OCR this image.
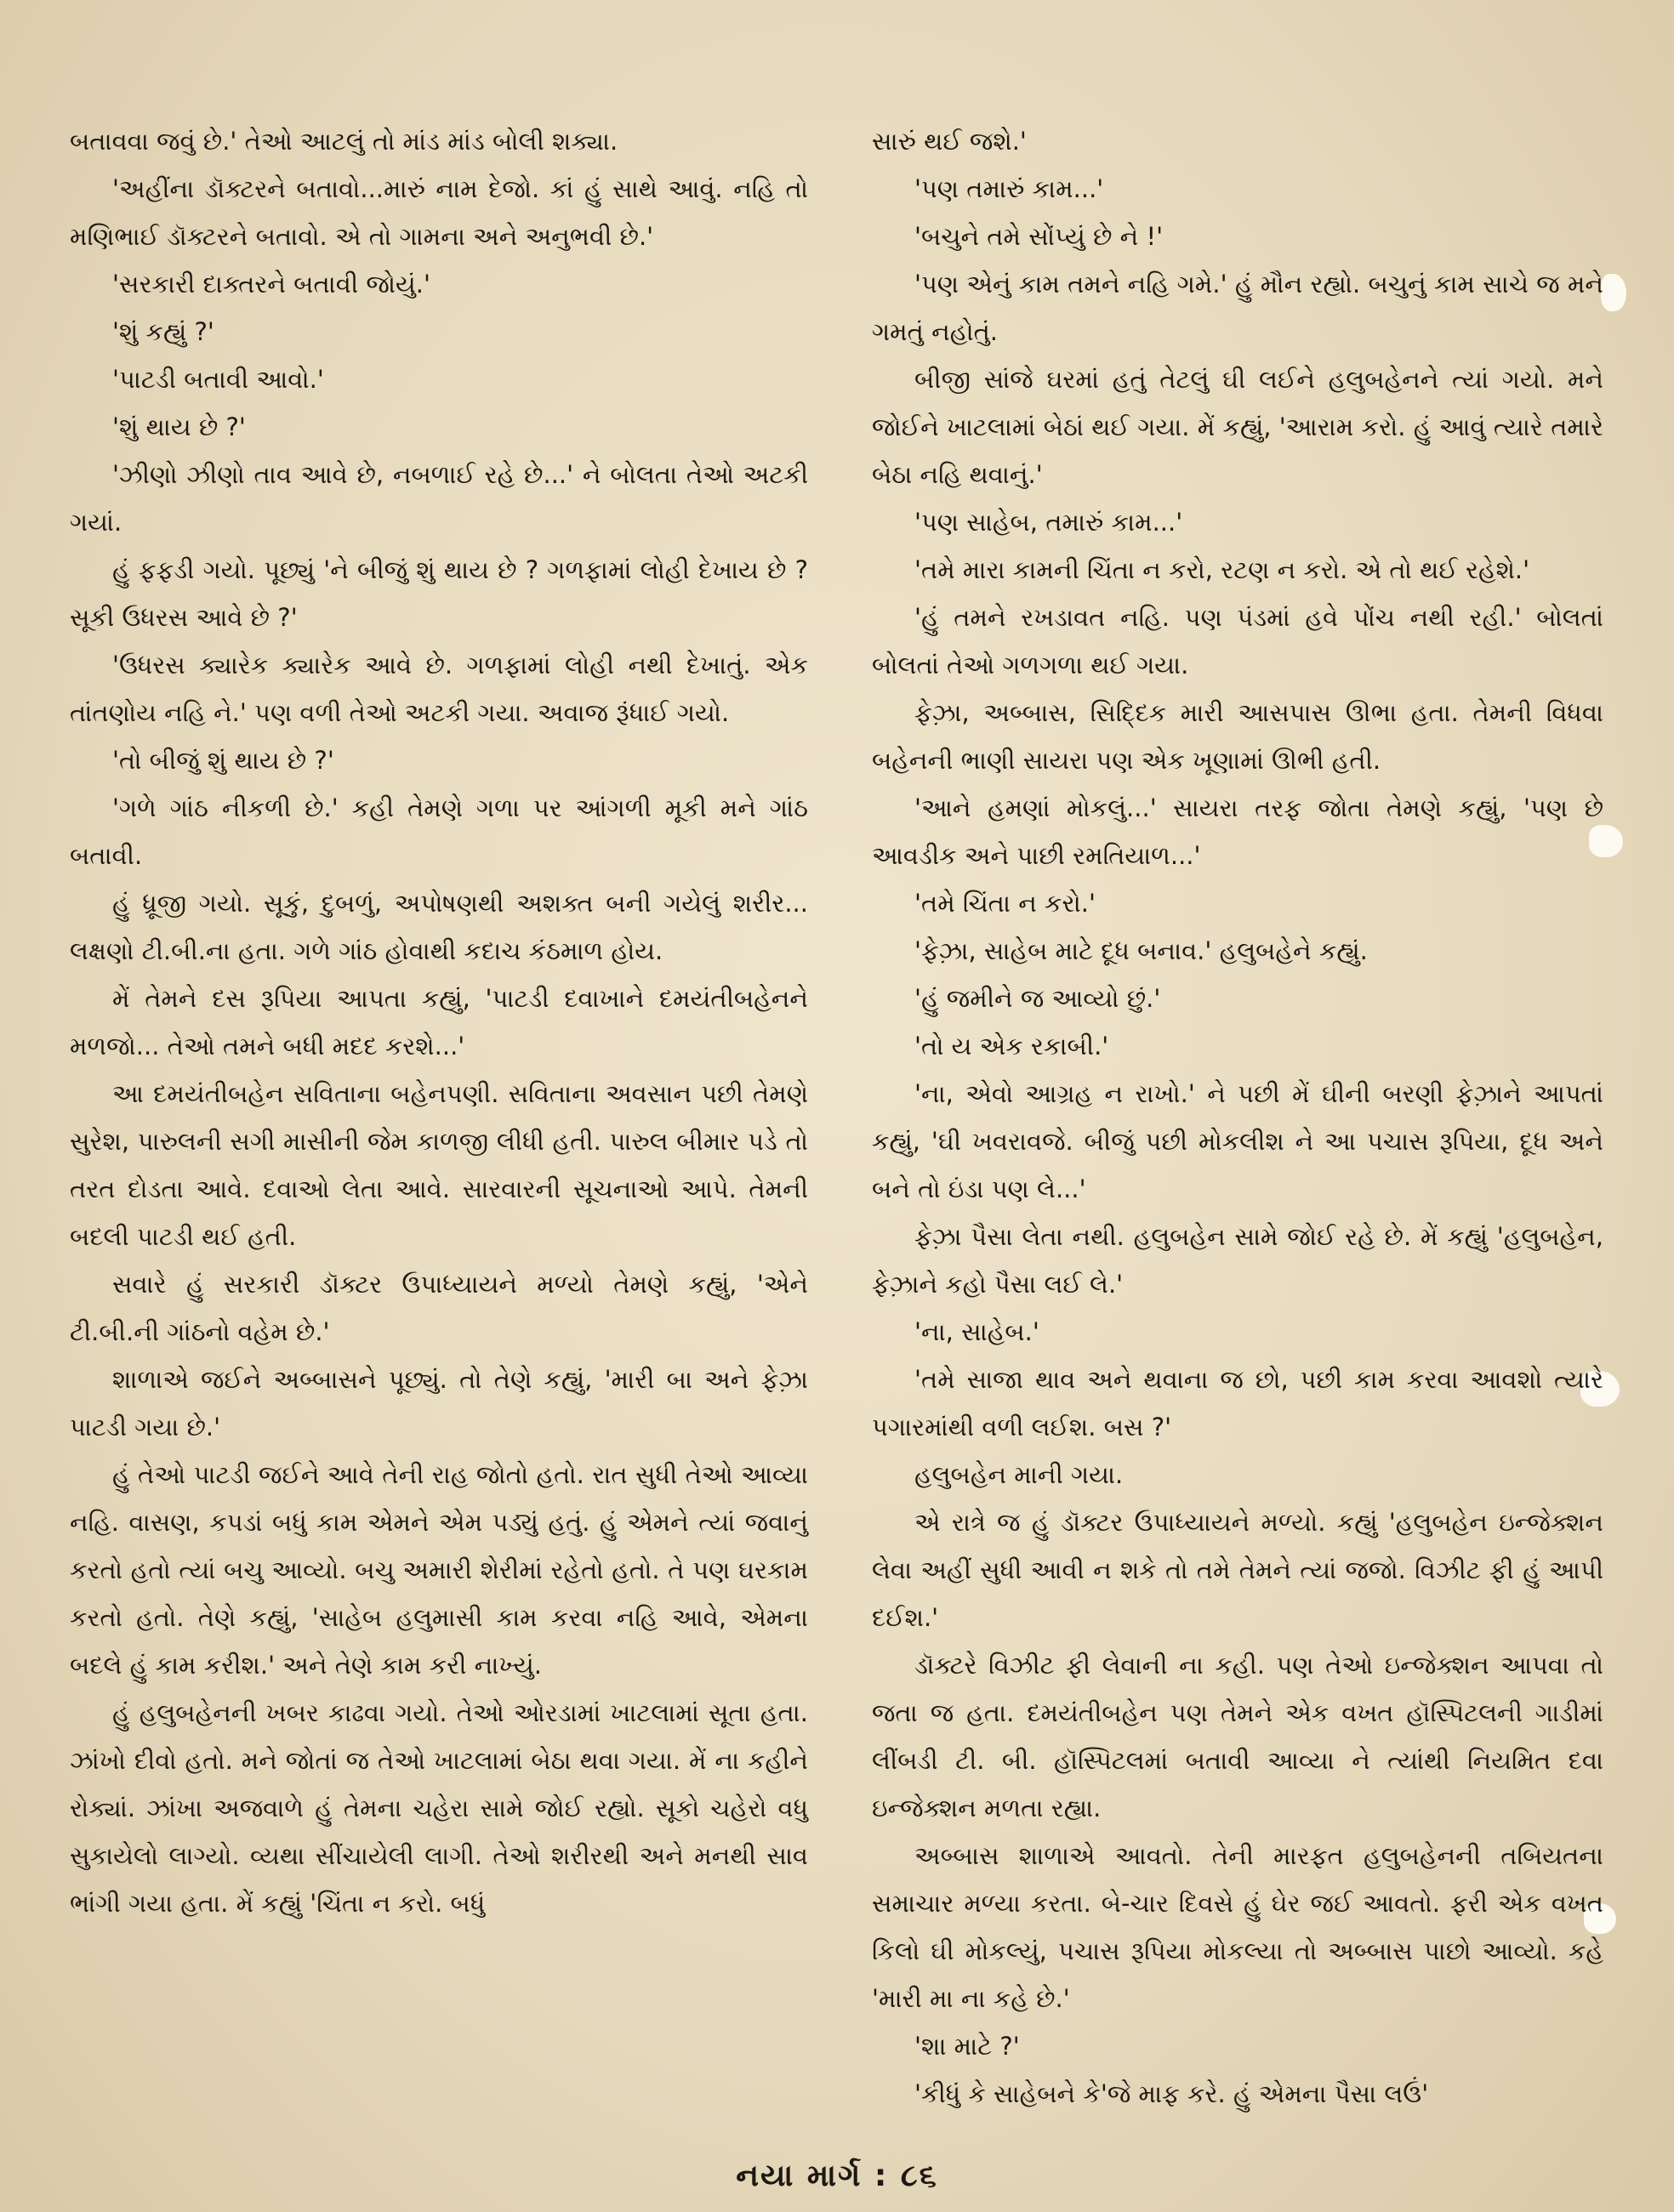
બતાવવા જવું છે.' તેઓ આટલું તો માંડ માંડ બોલી શક્યા.

'અહીંના ડૉક્ટરને બતાવો...મારું નામ દેજો. કાં હું સાથે આવું. નહિ તો મણિભાઈ ડૉક્ટરને બતાવો. એ તો ગામના અને અનુભવી છે.'

'સરકારી દાક્તરને બતાવી જોયું.'

'શું કહ્યું ?'

'પાટડી બતાવી આવો.'

'શું થાય છે ?'

'ઝીણો ઝીણો તાવ આવે છે, નબળાઈ રહે છે...' ને બોલતા તેઓ અટકી ગયાં.

હું ફફડી ગયો. પૂછ્યું 'ને બીજું શું થાય છે ? ગળફામાં લોહી દેખાય છે ? સૂકી ઉધરસ આવે છે ?'

'ઉધરસ ક્યારેક ક્યારેક આવે છે. ગળફામાં લોહી નથી દેખાતું. એક તાંતણોય નહિ ને.' પણ વળી તેઓ અટકી ગયા. અવાજ રૂંધાઈ ગયો.

'તો બીજું શું થાય છે ?'

'ગળે ગાંઠ નીકળી છે.' કહી તેમણે ગળા પર આંગળી મૂકી મને ગાંઠ બતાવી.

હું ધ્રૂજી ગયો. સૂકું, દુબળું, અપોષણથી અશક્ત બની ગયેલું શરીર... લક્ષણો ટી.બી.ના હતા. ગળે ગાંઠ હોવાથી કદાચ કંઠમાળ હોય.

મેં તેમને દસ રૂપિયા આપતા કહ્યું, 'પાટડી દવાખાને દમયંતીબહેનને મળજો... તેઓ તમને બધી મદદ કરશે...'

આ દમયંતીબહેન સવિતાના બહેનપણી. સવિતાના અવસાન પછી તેમણે સુરેશ, પારુલની સગી માસીની જેમ કાળજી લીધી હતી. પારુલ બીમાર પડે તો તરત દોડતા આવે. દવાઓ લેતા આવે. સારવારની સૂચનાઓ આપે. તેમની બદલી પાટડી થઈ હતી.

સવારે હું સરકારી ડૉક્ટર ઉપાધ્યાયને મળ્યો તેમણે કહ્યું, 'એને ટી.બી.ની ગાંઠનો વહેમ છે.'

શાળાએ જઈને અબ્બાસને પૂછ્યું. તો તેણે કહ્યું, 'મારી બા અને ફેઝ઼ા પાટડી ગયા છે.'

હું તેઓ પાટડી જઈને આવે તેની રાહ જોતો હતો. રાત સુધી તેઓ આવ્યા નહિ. વાસણ, કપડાં બધું કામ એમને એમ પડ્યું હતું. હું એમને ત્યાં જવાનું કરતો હતો ત્યાં બચુ આવ્યો. બચુ અમારી શેરીમાં રહેતો હતો. તે પણ ઘરકામ કરતો હતો. તેણે કહ્યું, 'સાહેબ હલુમાસી કામ કરવા નહિ આવે, એમના બદલે હું કામ કરીશ.' અને તેણે કામ કરી નાખ્યું.

હું હલુબહેનની ખબર કાઢવા ગયો. તેઓ ઓરડામાં ખાટલામાં સૂતા હતા. ઝાંખો દીવો હતો. મને જોતાં જ તેઓ ખાટલામાં બેઠા થવા ગયા. મેં ના કહીને રોક્યાં. ઝાંખા અજવાળે હું તેમના ચહેરા સામે જોઈ રહ્યો. સૂકો ચહેરો વધુ સુકાયેલો લાગ્યો. વ્યથા સીંચાયેલી લાગી. તેઓ શરીરથી અને મનથી સાવ ભાંગી ગયા હતા. મેં કહ્યું 'ચિંતા ન કરો. બધું

સારું થઈ જશે.'

'પણ તમારું કામ...'

'બચુને તમે સોંપ્યું છે ને !'

'પણ એનું કામ તમને નહિ ગમે.' હું મૌન રહ્યો. બચુનું કામ સાચે જ મને ગમતું નહોતું.

બીજી સાંજે ઘરમાં હતું તેટલું ઘી લઈને હલુબહેનને ત્યાં ગયો. મને જોઈને ખાટલામાં બેઠાં થઈ ગયા. મેં કહ્યું, 'આરામ કરો. હું આવું ત્યારે તમારે બેઠા નહિ થવાનું.'

'પણ સાહેબ, તમારું કામ...'

'તમે મારા કામની ચિંતા ન કરો, રટણ ન કરો. એ તો થઈ રહેશે.'

'હું તમને રખડાવત નહિ. પણ પંડમાં હવે પોંચ નથી રહી.' બોલતાં બોલતાં તેઓ ગળગળા થઈ ગયા.

ફેઝ઼ા, અબ્બાસ, સિદ્દિક મારી આસપાસ ઊભા હતા. તેમની વિધવા બહેનની ભાણી સાયરા પણ એક ખૂણામાં ઊભી હતી.

'આને હમણાં મોકલું...' સાયરા તરફ જોતા તેમણે કહ્યું, 'પણ છે આવડીક અને પાછી રમતિયાળ...'

'તમે ચિંતા ન કરો.'

'ફેઝ઼ા, સાહેબ માટે દૂધ બનાવ.' હલુબહેને કહ્યું.

'હું જમીને જ આવ્યો છું.'

'તો ય એક રકાબી.'

'ના, એવો આગ્રહ ન રાખો.' ને પછી મેં ઘીની બરણી ફેઝ઼ાને આપતાં કહ્યું, 'ઘી ખવરાવજે. બીજું પછી મોકલીશ ને આ પચાસ રૂપિયા, દૂધ અને બને તો ઇંડા પણ લે...'

ફેઝ઼ા પૈસા લેતા નથી. હલુબહેન સામે જોઈ રહે છે. મેં કહ્યું 'હલુબહેન, ફેઝ઼ાને કહો પૈસા લઈ લે.'

'ના, સાહેબ.'

'તમે સાજા થાવ અને થવાના જ છો, પછી કામ કરવા આવશો ત્યારે પગારમાંથી વળી લઈશ. બસ ?'

હલુબહેન માની ગયા.

એ રાત્રે જ હું ડૉક્ટર ઉપાધ્યાયને મળ્યો. કહ્યું 'હલુબહેન ઇન્જેક્શન લેવા અહીં સુધી આવી ન શકે તો તમે તેમને ત્યાં જજો. વિઝીટ ફી હું આપી દઈશ.'

ડૉક્ટરે વિઝીટ ફી લેવાની ના કહી. પણ તેઓ ઇન્જેક્શન આપવા તો જતા જ હતા. દમયંતીબહેન પણ તેમને એક વખત હૉસ્પિટલની ગાડીમાં લીંબડી ટી. બી. હૉસ્પિટલમાં બતાવી આવ્યા ને ત્યાંથી નિયમિત દવા ઇન્જેક્શન મળતા રહ્યા.

અબ્બાસ શાળાએ આવતો. તેની મારફત હલુબહેનની તબિયતના સમાચાર મળ્યા કરતા. બે-ચાર દિવસે હું ઘેર જઈ આવતો. ફરી એક વખત કિલો ઘી મોકલ્યું, પચાસ રૂપિયા મોકલ્યા તો અબ્બાસ પાછો આવ્યો. કહે 'મારી મા ના કહે છે.'

'શા માટે ?'

'કીધું કે સાહેબને કે'જે માફ કરે. હું એમના પૈસા લઉં'

નયા માર્ગ : ૮૬
